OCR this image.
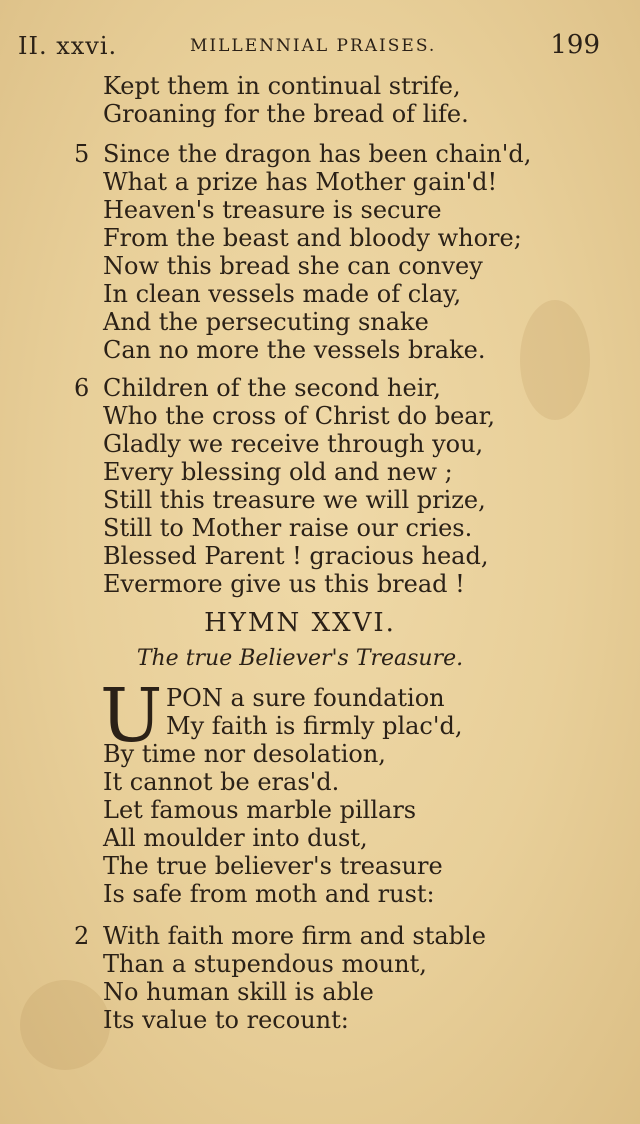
II. xxvi.	MILLENNIAL PRAISES.	199
Kept them in continual strife,
Groaning for the bread of life.
5 Since the dragon has been chain'd,
What a prize has Mother gain'd!
Heaven's treasure is secure
From the beast and bloody whore;
Now this bread she can convey
In clean vessels made of clay,
And the persecuting snake
Can no more the vessels brake.
6 Children of the second heir,
Who the cross of Christ do bear,
Gladly we receive through you,
Every blessing old and new ;
Still this treasure we will prize,
Still to Mother raise our cries.
Blessed Parent ! gracious head,
Evermore give us this bread !
HYMN XXVI.
The true Believer's Treasure.
U PON a sure foundation
My faith is firmly plac'd,
By time nor desolation,
It cannot be eras'd.
Let famous marble pillars
All moulder into dust,
The true believer's treasure
Is safe from moth and rust:
2 With faith more firm and stable
Than a stupendous mount,
No human skill is able
Its value to recount:
